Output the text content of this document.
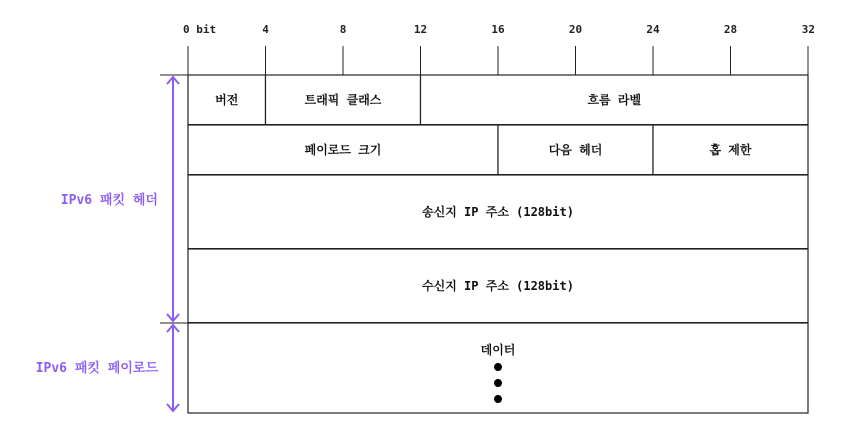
0 bit	4	8	12	16	20	24	28	32
버전	트래픽 클래스	흐름 라벨
페이로드 크기	다음 헤더	홉 제한
송신지 IP 주소 (128bit)
수신지 IP 주소 (128bit)
데이터
IPv6 패킷 헤더
IPv6 패킷 페이로드
